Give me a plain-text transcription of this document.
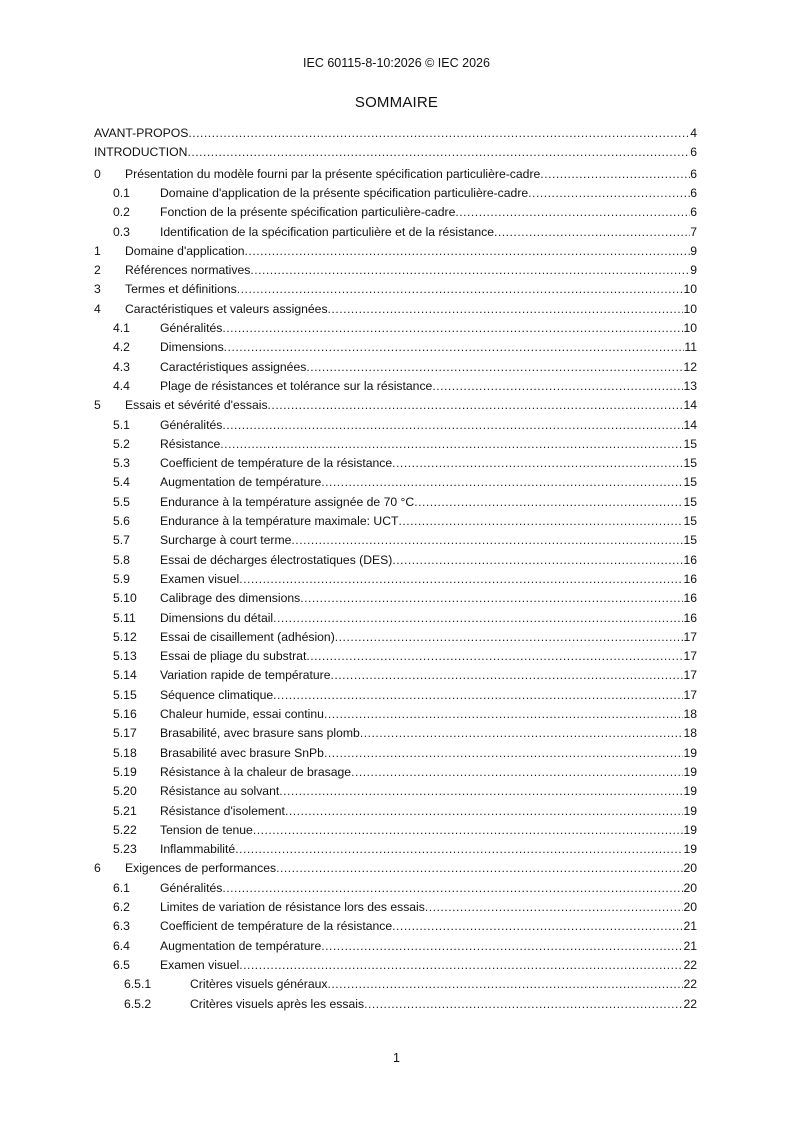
IEC 60115-8-10:2026 © IEC 2026
SOMMAIRE
AVANT-PROPOS .....	4
INTRODUCTION .....	6
0 Présentation du modèle fourni par la présente spécification particulière-cadre .....	6
0.1 Domaine d'application de la présente spécification particulière-cadre .....	6
0.2 Fonction de la présente spécification particulière-cadre .....	6
0.3 Identification de la spécification particulière et de la résistance .....	7
1 Domaine d'application .....	9
2 Références normatives .....	9
3 Termes et définitions .....	10
4 Caractéristiques et valeurs assignées .....	10
4.1 Généralités .....	10
4.2 Dimensions .....	11
4.3 Caractéristiques assignées .....	12
4.4 Plage de résistances et tolérance sur la résistance .....	13
5 Essais et sévérité d'essais .....	14
5.1 Généralités .....	14
5.2 Résistance .....	15
5.3 Coefficient de température de la résistance .....	15
5.4 Augmentation de température .....	15
5.5 Endurance à la température assignée de 70 °C .....	15
5.6 Endurance à la température maximale: UCT .....	15
5.7 Surcharge à court terme .....	15
5.8 Essai de décharges électrostatiques (DES) .....	16
5.9 Examen visuel .....	16
5.10 Calibrage des dimensions .....	16
5.11 Dimensions du détail .....	16
5.12 Essai de cisaillement (adhésion) .....	17
5.13 Essai de pliage du substrat .....	17
5.14 Variation rapide de température .....	17
5.15 Séquence climatique .....	17
5.16 Chaleur humide, essai continu .....	18
5.17 Brasabilité, avec brasure sans plomb .....	18
5.18 Brasabilité avec brasure SnPb .....	19
5.19 Résistance à la chaleur de brasage .....	19
5.20 Résistance au solvant .....	19
5.21 Résistance d'isolement .....	19
5.22 Tension de tenue .....	19
5.23 Inflammabilité .....	19
6 Exigences de performances .....	20
6.1 Généralités .....	20
6.2 Limites de variation de résistance lors des essais .....	20
6.3 Coefficient de température de la résistance .....	21
6.4 Augmentation de température .....	21
6.5 Examen visuel .....	22
6.5.1	Critères visuels généraux .....	22
6.5.2	Critères visuels après les essais .....	22
1
